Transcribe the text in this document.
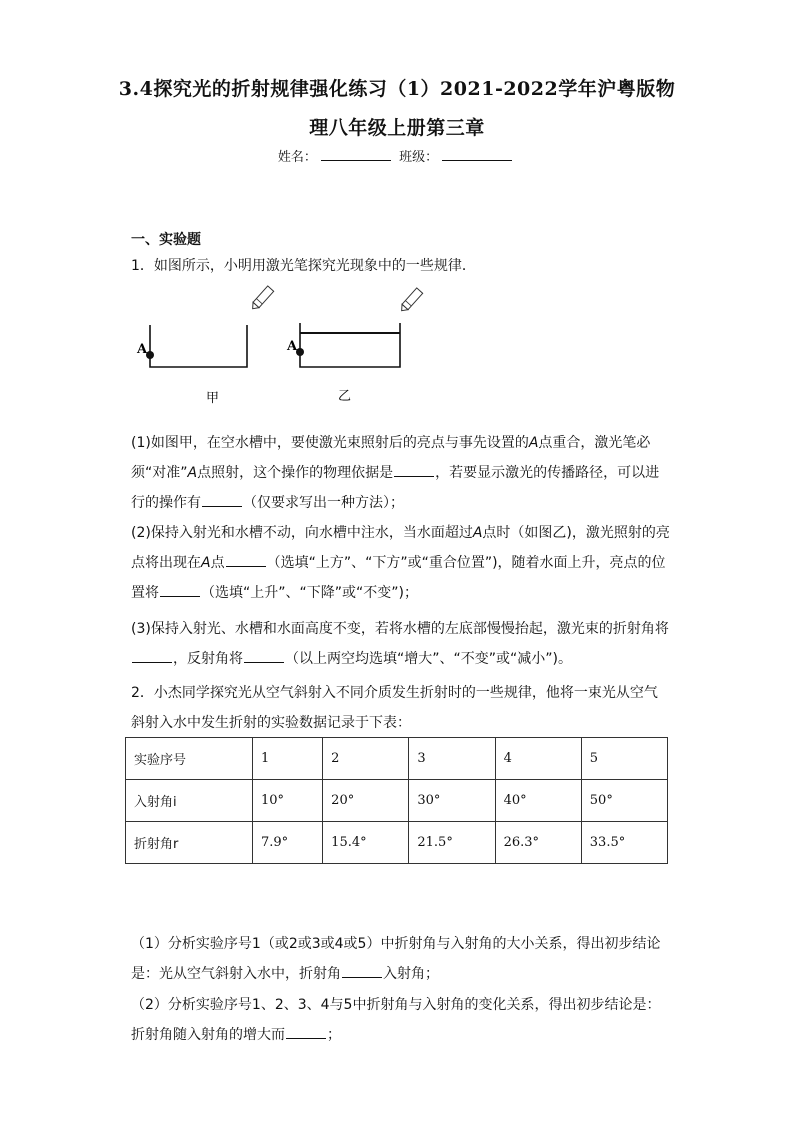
3.4探究光的折射规律强化练习（1）2021-2022学年沪粤版物
理八年级上册第三章
姓名：	班级：
一、实验题
1．如图所示，小明用激光笔探究光现象中的一些规律．
A
甲
A
乙
(1)如图甲，在空水槽中，要使激光束照射后的亮点与事先设置的A点重合，激光笔必须“对准”A点照射，这个操作的物理依据是	，若要显示激光的传播路径，可以进行的操作有	（仅要求写出一种方法）；
(2)保持入射光和水槽不动，向水槽中注水，当水面超过A点时（如图乙)，激光照射的亮点将出现在A点	（选填“上方”、“下方”或“重合位置”)，随着水面上升，亮点的位置将	（选填“上升”、“下降”或“不变”)；
(3)保持入射光、水槽和水面高度不变，若将水槽的左底部慢慢抬起，激光束的折射角将，反射角将	（以上两空均选填“增大”、“不变”或“减小”)。
2．小杰同学探究光从空气斜射入不同介质发生折射时的一些规律，他将一束光从空气斜射入水中发生折射的实验数据记录于下表：
实验序号	1	2	3	4	5
入射角i	10°	20°	30°	40°	50°
折射角r	7.9°	15.4°	21.5°	26.3°	33.5°
（1）分析实验序号1（或2或3或4或5）中折射角与入射角的大小关系，得出初步结论是：光从空气斜射入水中，折射角	入射角；
（2）分析实验序号1、2、3、4与5中折射角与入射角的变化关系，得出初步结论是：折射角随入射角的增大而	；
